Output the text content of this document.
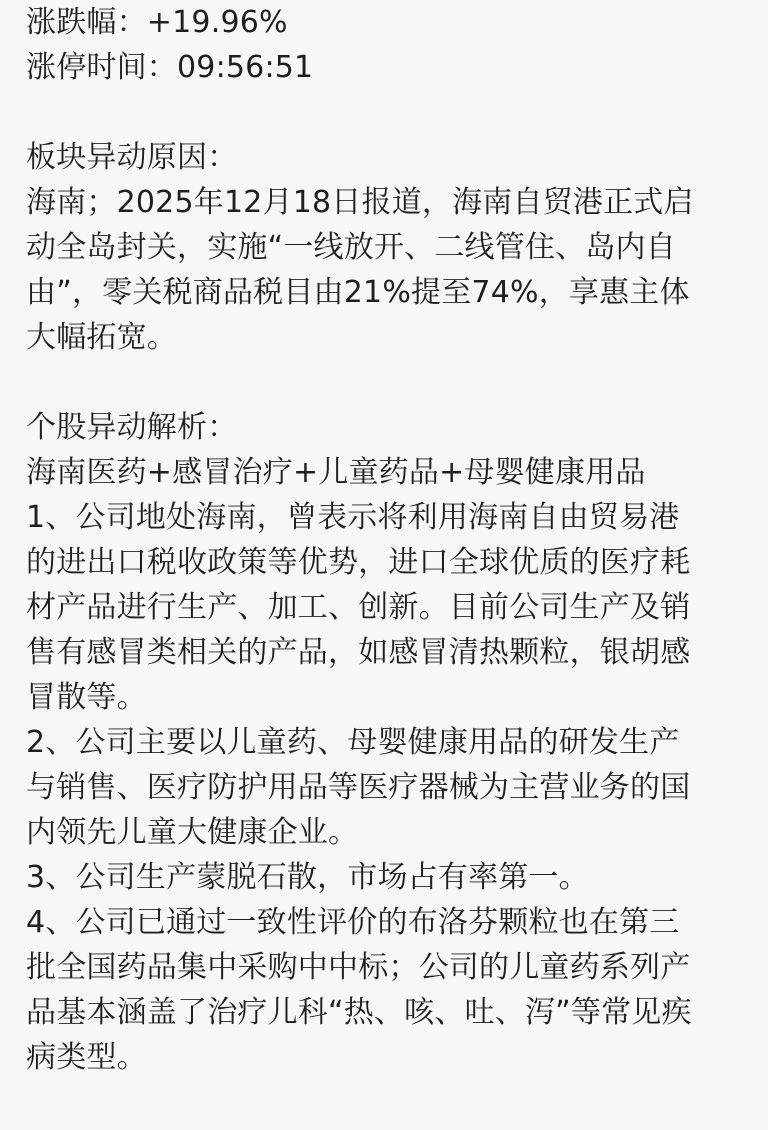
涨跌幅：+19.96%
涨停时间：09:56:51
板块异动原因：
海南；2025年12月18日报道，海南自贸港正式启
动全岛封关，实施“一线放开、二线管住、岛内自
由”，零关税商品税目由21%提至74%，享惠主体
大幅拓宽。
个股异动解析：
海南医药+感冒治疗+儿童药品+母婴健康用品
1、公司地处海南，曾表示将利用海南自由贸易港
的进出口税收政策等优势，进口全球优质的医疗耗
材产品进行生产、加工、创新。目前公司生产及销
售有感冒类相关的产品，如感冒清热颗粒，银胡感
冒散等。
2、公司主要以儿童药、母婴健康用品的研发生产
与销售、医疗防护用品等医疗器械为主营业务的国
内领先儿童大健康企业。
3、公司生产蒙脱石散，市场占有率第一。
4、公司已通过一致性评价的布洛芬颗粒也在第三
批全国药品集中采购中中标；公司的儿童药系列产
品基本涵盖了治疗儿科“热、咳、吐、泻”等常见疾
病类型。
